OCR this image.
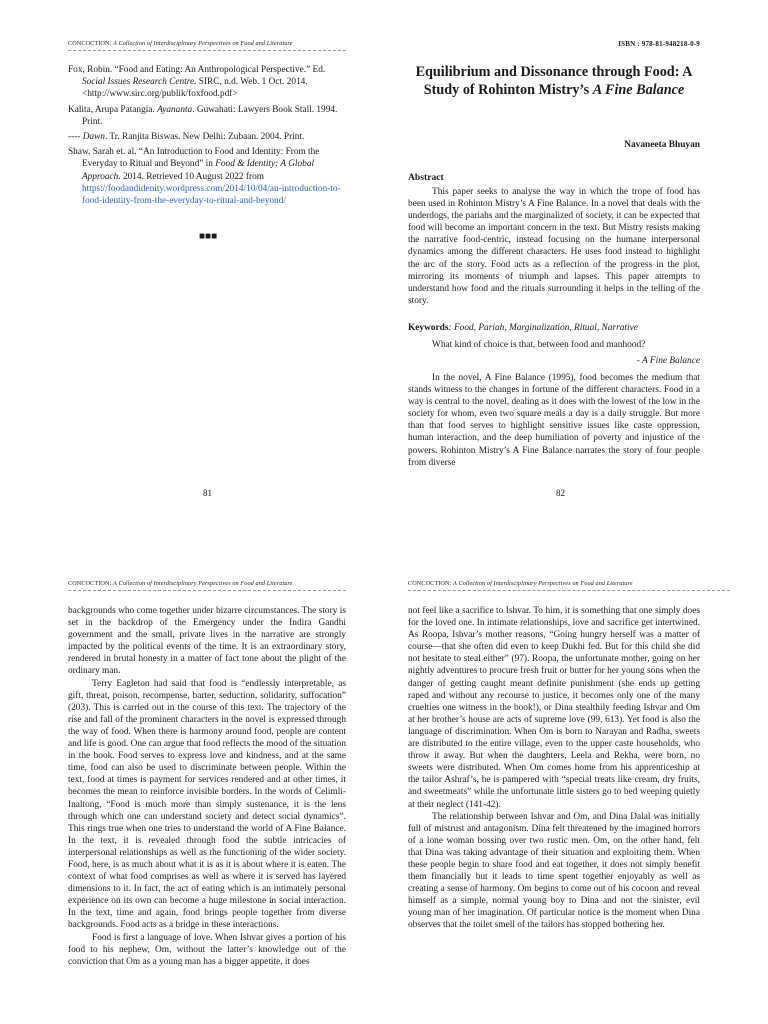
CONCOCTION: A Collection of Interdisciplinary Perspectives on Food and Literature
Fox, Robin. “Food and Eating: An Anthropological Perspective.” Ed. Social Issues Research Centre. SIRC, n.d. Web. 1 Oct. 2014. <http://www.sirc.org/publik/foxfood.pdf>
Kalita, Arupa Patangia. Ayananta. Guwahati: Lawyers Book Stall. 1994. Print.
---- Dawn. Tr. Ranjita Biswas. New Delhi: Zubaan. 2004. Print.
Shaw, Sarah et. al. “An Introduction to Food and Identity: From the Everyday to Ritual and Beyond” in Food & Identity: A Global Approach. 2014. Retrieved 10 August 2022 from https://foodandidenity.wordpress.com/2014/10/04/an-introduction-to-food-identity-from-the-everyday-to-ritual-and-beyond/
■■■
81
ISBN : 978-81-948218-0-9
Equilibrium and Dissonance through Food: A Study of Rohinton Mistry’s A Fine Balance
Navaneeta Bhuyan
Abstract

This paper seeks to analyse the way in which the trope of food has been used in Rohinton Mistry’s A Fine Balance. In a novel that deals with the underdogs, the pariahs and the marginalized of society, it can be expected that food will become an important concern in the text. But Mistry resists making the narrative food-centric, instead focusing on the humane interpersonal dynamics among the different characters. He uses food instead to highlight the arc of the story. Food acts as a reflection of the progress in the plot, mirroring its moments of triumph and lapses. This paper attempts to understand how food and the rituals surrounding it helps in the telling of the story.

Keywords: Food, Pariah, Marginalization, Ritual, Narrative
What kind of choice is that, between food and manhood?
- A Fine Balance

In the novel, A Fine Balance (1995), food becomes the medium that stands witness to the changes in fortune of the different characters. Food in a way is central to the novel, dealing as it does with the lowest of the low in the society for whom, even two square meals a day is a daily struggle. But more than that food serves to highlight sensitive issues like caste oppression, human interaction, and the deep humiliation of poverty and injustice of the powers. Rohinton Mistry’s A Fine Balance narrates the story of four people from diverse

82
CONCOCTION: A Collection of Interdisciplinary Perspectives on Food and Literature

backgrounds who come together under bizarre circumstances. The story is set in the backdrop of the Emergency under the Indira Gandhi government and the small, private lives in the narrative are strongly impacted by the political events of the time. It is an extraordinary story, rendered in brutal honesty in a matter of fact tone about the plight of the ordinary man.

Terry Eagleton had said that food is “endlessly interpretable, as gift, threat, poison, recompense, barter, seduction, solidarity, suffocation” (203). This is carried out in the course of this text. The trajectory of the rise and fall of the prominent characters in the novel is expressed through the way of food. When there is harmony around food, people are content and life is good. One can argue that food reflects the mood of the situation in the book. Food serves to express love and kindness, and at the same time, food can also be used to discriminate between people. Within the text, food at times is payment for services rendered and at other times, it becomes the mean to reinforce invisible borders. In the words of Celimli-Inaltong, “Food is much more than simply sustenance, it is the lens through which one can understand society and detect social dynamics”. This rings true when one tries to understand the world of A Fine Balance. In the text, it is revealed through food the subtle intricacies of interpersonal relationships as well as the functioning of the wider society. Food, here, is as much about what it is as it is about where it is eaten. The context of what food comprises as well as where it is served has layered dimensions to it. In fact, the act of eating which is an intimately personal experience on its own can become a huge milestone in social interaction. In the text, time and again, food brings people together from diverse backgrounds. Food acts as a bridge in these interactions.

Food is first a language of love. When Ishvar gives a portion of his food to his nephew, Om, without the latter’s knowledge out of the conviction that Om as a young man has a bigger appetite, it does

CONCOCTION: A Collection of Interdisciplinary Perspectives on Food and Literature

not feel like a sacrifice to Ishvar. To him, it is something that one simply does for the loved one. In intimate relationships, love and sacrifice get intertwined. As Roopa, Ishvar’s mother reasons, “Going hungry herself was a matter of course—that she often did even to keep Dukhi fed. But for this child she did not hesitate to steal either” (97). Roopa, the unfortunate mother, going on her nightly adventures to procure fresh fruit or butter for her young sons when the danger of getting caught meant definite punishment (she ends up getting raped and without any recourse to justice, it becomes only one of the many cruelties one witness in the book!), or Dina stealthily feeding Ishvar and Om at her brother’s house are acts of supreme love (99, 613). Yet food is also the language of discrimination. When Om is born to Narayan and Radha, sweets are distributed to the entire village, even to the upper caste households, who throw it away. But when the daughters, Leela and Rekha, were born, no sweets were distributed. When Om comes home from his apprenticeship at the tailor Ashraf’s, he is pampered with “special treats like cream, dry fruits, and sweetmeats” while the unfortunate little sisters go to bed weeping quietly at their neglect (141-42).

The relationship between Ishvar and Om, and Dina Dalal was initially full of mistrust and antagonism. Dina felt threatened by the imagined horrors of a lone woman bossing over two rustic men. Om, on the other hand, felt that Dina was taking advantage of their situation and exploiting them. When these people begin to share food and eat together, it does not simply benefit them financially but it leads to time spent together enjoyably as well as creating a sense of harmony. Om begins to come out of his cocoon and reveal himself as a simple, normal young boy to Dina and not the sinister, evil young man of her imagination. Of particular notice is the moment when Dina observes that the toilet smell of the tailors has stopped bothering her.
